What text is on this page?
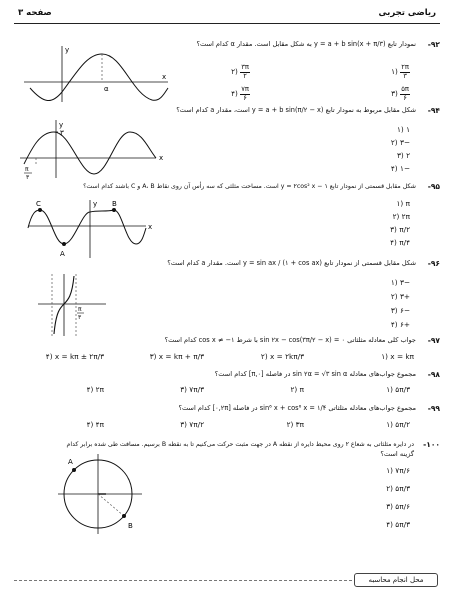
ریاضی تجربی
صفحه ۳
-۹۲
نمودار تابع y = a + b sin(x + π/۳) به شکل مقابل است. مقدار α کدام است؟
y
x
α
۱) $\frac{۲\pi}{۳}$
۳) $\frac{۵\pi}{۶}$
۲) $\frac{۳\pi}{۲}$
۴) $\frac{۷\pi}{۶}$
-۹۴
شکل مقابل مربوط به نمودار تابع y = a + b sin(π/۲ − x) است، مقدار a کدام است؟
y
۳
x
π
۳
۱) ۱
۲) ۳−
۳) ۲
۴) ۱−
-۹۵
شکل مقابل قسمتی از نمودار تابع y = ۲cos² x − ۱ است. مساحت مثلثی که سه رأس آن روی نقاط A، B و C باشند کدام است؟
C
A
B
y
x
۱) π
۲) ۲π
۳) π/۲
۴) π/۴
-۹۶
شکل مقابل قسمتی از نمودار تابع y = sin ax / (۱ + cos ax) است. مقدار a کدام است؟
π
۳
۱) ۳−
۲) ۳+
۳) ۶−
۴) ۶+
-۹۷
جواب کلی معادله مثلثاتی sin ۲x − cos(۳π/۲ − x) = ۰ با شرط cos x ≠ −۱ کدام است؟
۱) x = kπ
۲) x = ۲kπ/۳
۳) x = kπ + π/۳
۴) x = kπ ± ۲π/۳
-۹۸
مجموع جواب‌های معادله sin ۲α = √۳ sin α در فاصله [۰,π] کدام است؟
۱) ۵π/۳
۲) π
۳) ۷π/۳
۴) ۲π
-۹۹
مجموع جواب‌های معادله مثلثاتی sin⁶ x + cos⁶ x = ۱/۴ در فاصله [۰,۲π] کدام است؟
۱) ۵π/۲
۲) ۳π
۳) ۷π/۲
۴) ۴π
-۱۰۰
در دایره مثلثاتی به شعاع ۲ روی محیط دایره از نقطه A در جهت مثبت حرکت می‌کنیم تا به نقطه B برسیم. مسافت طی شده برابر کدام
گزینه است؟
A
B
۱) ۷π/۶
۲) ۵π/۳
۳) ۵π/۶
۴) ۵π/۳
محل انجام محاسبه
